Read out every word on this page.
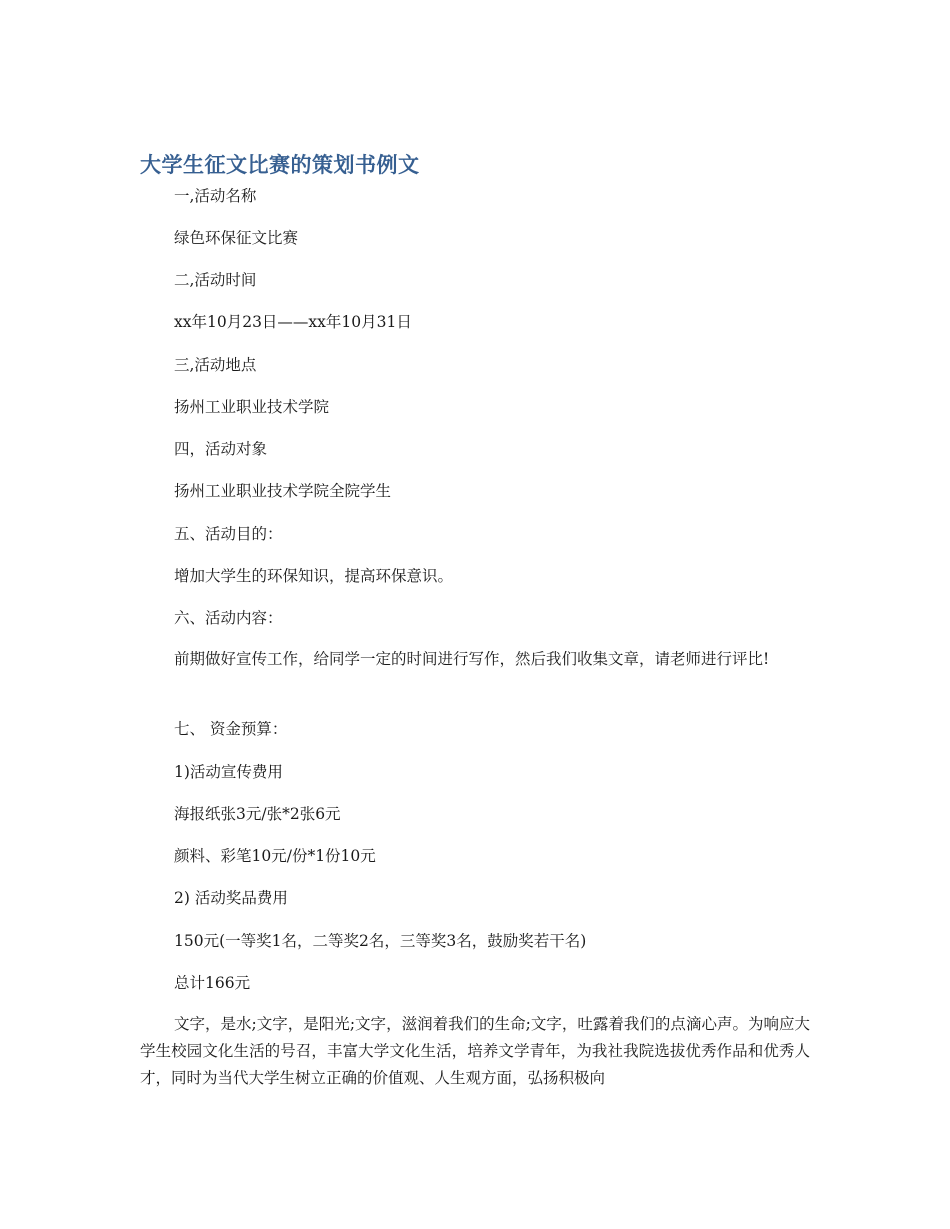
大学生征文比赛的策划书例文

一,活动名称

绿色环保征文比赛

二,活动时间

xx年10月23日——xx年10月31日

三,活动地点

扬州工业职业技术学院

四，活动对象

扬州工业职业技术学院全院学生

五、活动目的：

增加大学生的环保知识，提高环保意识。

六、活动内容：

前期做好宣传工作，给同学一定的时间进行写作，然后我们收集文章，请老师进行评比!

七、 资金预算：

1)活动宣传费用

海报纸张3元/张*2张6元

颜料、彩笔10元/份*1份10元

2) 活动奖品费用

150元(一等奖1名，二等奖2名，三等奖3名，鼓励奖若干名)

总计166元

文字，是水;文字，是阳光;文字，滋润着我们的生命;文字，吐露着我们的点滴心声。为响应大学生校园文化生活的号召，丰富大学文化生活，培养文学青年，为我社我院选拔优秀作品和优秀人才，同时为当代大学生树立正确的价值观、人生观方面，弘扬积极向
